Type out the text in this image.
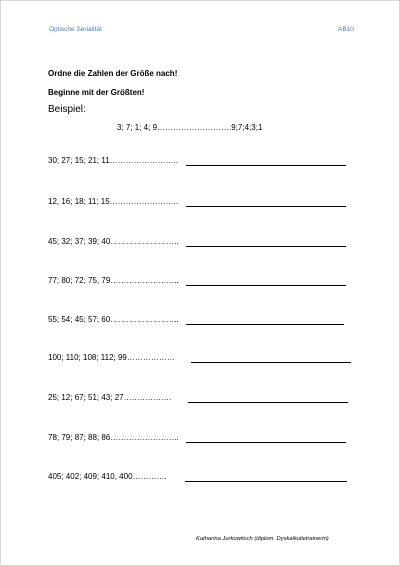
Optische Serialität	AB10
Ordne die Zahlen der Größe nach!
Beginne mit der Größten!
Beispiel:
3; 7; 1; 4; 9……………………….9;7;4;3;1
30; 27; 15; 21; 11……………………..
12, 16; 18; 11; 15……………………..
45; 32; 37; 39; 40……………………..
77; 80; 72; 75, 79……………………..
55; 54; 45; 57; 60……………………..
100; 110; 108; 112; 99………………
25; 12; 67; 51; 43; 27………………
78; 79; 87; 88; 86……………………..
405; 402; 409; 410, 400………….
Katharina Jurkowitsch (diplom. Dyskalkulietrainerin)
